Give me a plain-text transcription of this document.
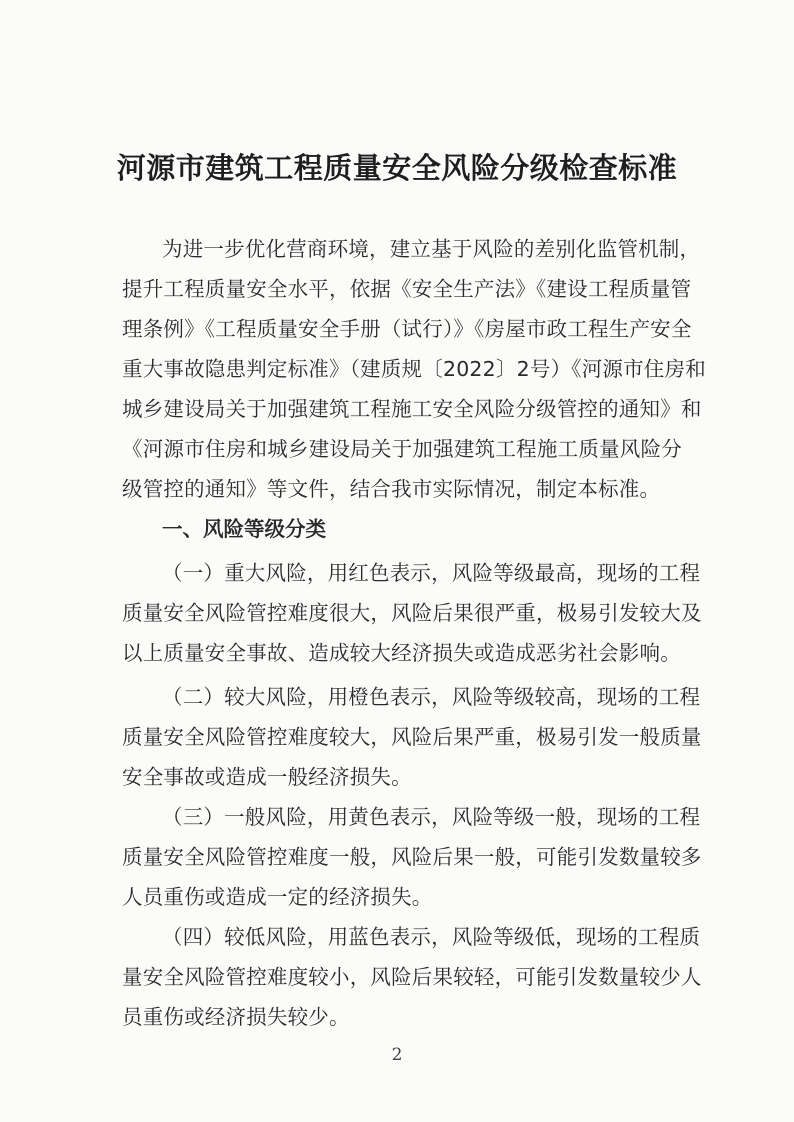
河源市建筑工程质量安全风险分级检查标准
为进一步优化营商环境，建立基于风险的差别化监管机制，
提升工程质量安全水平，依据《安全生产法》《建设工程质量管
理条例》《工程质量安全手册（试行）》《房屋市政工程生产安全
重大事故隐患判定标准》（建质规〔2022〕2号）《河源市住房和
城乡建设局关于加强建筑工程施工安全风险分级管控的通知》和
《河源市住房和城乡建设局关于加强建筑工程施工质量风险分
级管控的通知》等文件，结合我市实际情况，制定本标准。
一、风险等级分类
（一）重大风险，用红色表示，风险等级最高，现场的工程
质量安全风险管控难度很大，风险后果很严重，极易引发较大及
以上质量安全事故、造成较大经济损失或造成恶劣社会影响。
（二）较大风险，用橙色表示，风险等级较高，现场的工程
质量安全风险管控难度较大，风险后果严重，极易引发一般质量
安全事故或造成一般经济损失。
（三）一般风险，用黄色表示，风险等级一般，现场的工程
质量安全风险管控难度一般，风险后果一般，可能引发数量较多
人员重伤或造成一定的经济损失。
（四）较低风险，用蓝色表示，风险等级低，现场的工程质
量安全风险管控难度较小，风险后果较轻，可能引发数量较少人
员重伤或经济损失较少。
2
